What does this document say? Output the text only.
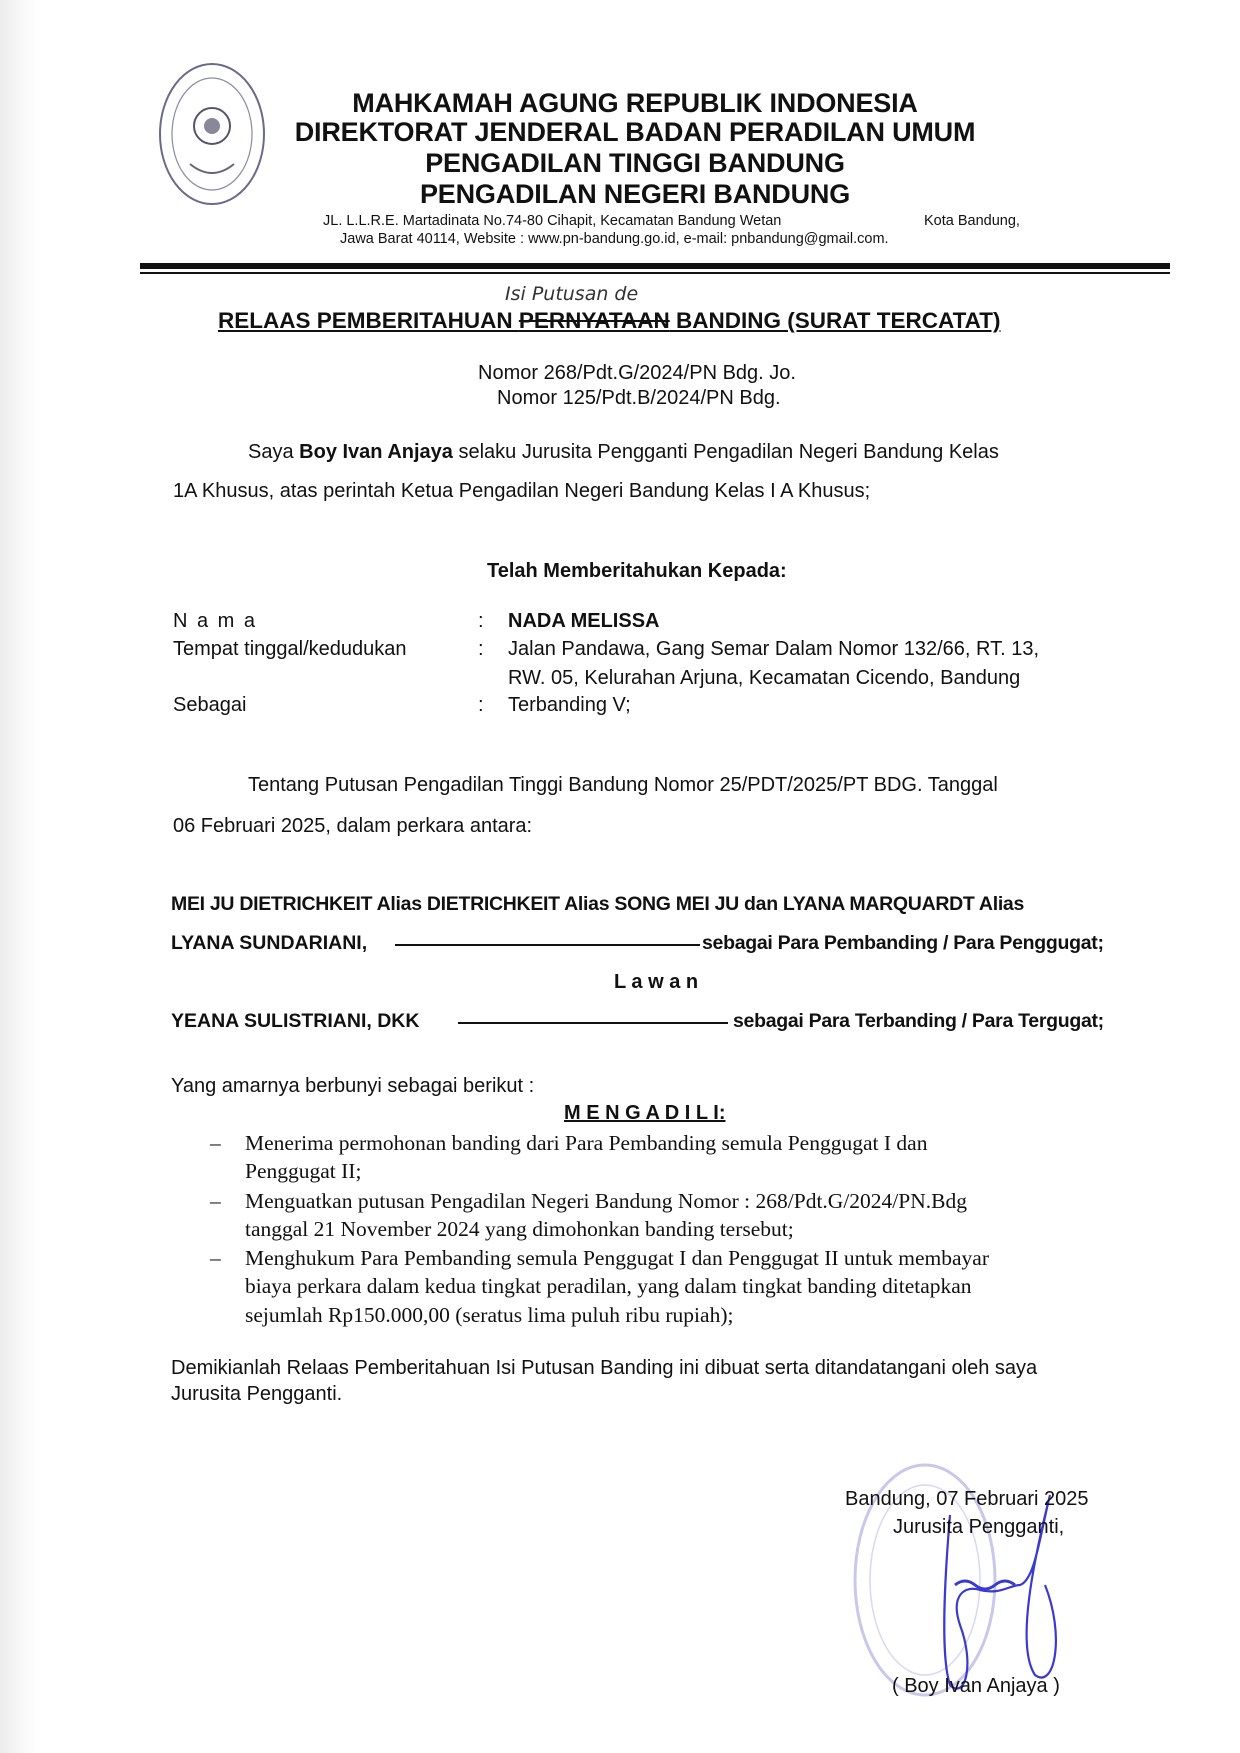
MAHKAMAH AGUNG REPUBLIK INDONESIA
DIREKTORAT JENDERAL BADAN PERADILAN UMUM
PENGADILAN TINGGI BANDUNG
PENGADILAN NEGERI BANDUNG
JL. L.L.R.E. Martadinata No.74-80 Cihapit, Kecamatan Bandung Wetan	Kota Bandung,
Jawa Barat 40114, Website : www.pn-bandung.go.id, e-mail: pnbandung@gmail.com.
Isi Putusan de
RELAAS PEMBERITAHUAN PERNYATAAN BANDING (SURAT TERCATAT)
Nomor 268/Pdt.G/2024/PN Bdg. Jo.
Nomor 125/Pdt.B/2024/PN Bdg.
Saya Boy Ivan Anjaya selaku Jurusita Pengganti Pengadilan Negeri Bandung Kelas
1A Khusus, atas perintah Ketua Pengadilan Negeri Bandung Kelas I A Khusus;
Telah Memberitahukan Kepada:
N a m a	: NADA MELISSA
Tempat tinggal/kedudukan	: Jalan Pandawa, Gang Semar Dalam Nomor 132/66, RT. 13,
RW. 05, Kelurahan Arjuna, Kecamatan Cicendo, Bandung
Sebagai	: Terbanding V;
Tentang Putusan Pengadilan Tinggi Bandung Nomor 25/PDT/2025/PT BDG. Tanggal
06 Februari 2025, dalam perkara antara:
MEI JU DIETRICHKEIT Alias DIETRICHKEIT Alias SONG MEI JU dan LYANA MARQUARDT Alias
LYANA SUNDARIANI,	sebagai Para Pembanding / Para Penggugat;
L a w a n
YEANA SULISTRIANI, DKK	sebagai Para Terbanding / Para Tergugat;
Yang amarnya berbunyi sebagai berikut :
M E N G A D I L I:
– Menerima permohonan banding dari Para Pembanding semula Penggugat I dan
Penggugat II;
– Menguatkan putusan Pengadilan Negeri Bandung Nomor : 268/Pdt.G/2024/PN.Bdg
tanggal 21 November 2024 yang dimohonkan banding tersebut;
– Menghukum Para Pembanding semula Penggugat I dan Penggugat II untuk membayar
biaya perkara dalam kedua tingkat peradilan, yang dalam tingkat banding ditetapkan
sejumlah Rp150.000,00 (seratus lima puluh ribu rupiah);
Demikianlah Relaas Pemberitahuan Isi Putusan Banding ini dibuat serta ditandatangani oleh saya
Jurusita Pengganti.
Bandung, 07 Februari 2025
Jurusita Pengganti,
( Boy Ivan Anjaya )
